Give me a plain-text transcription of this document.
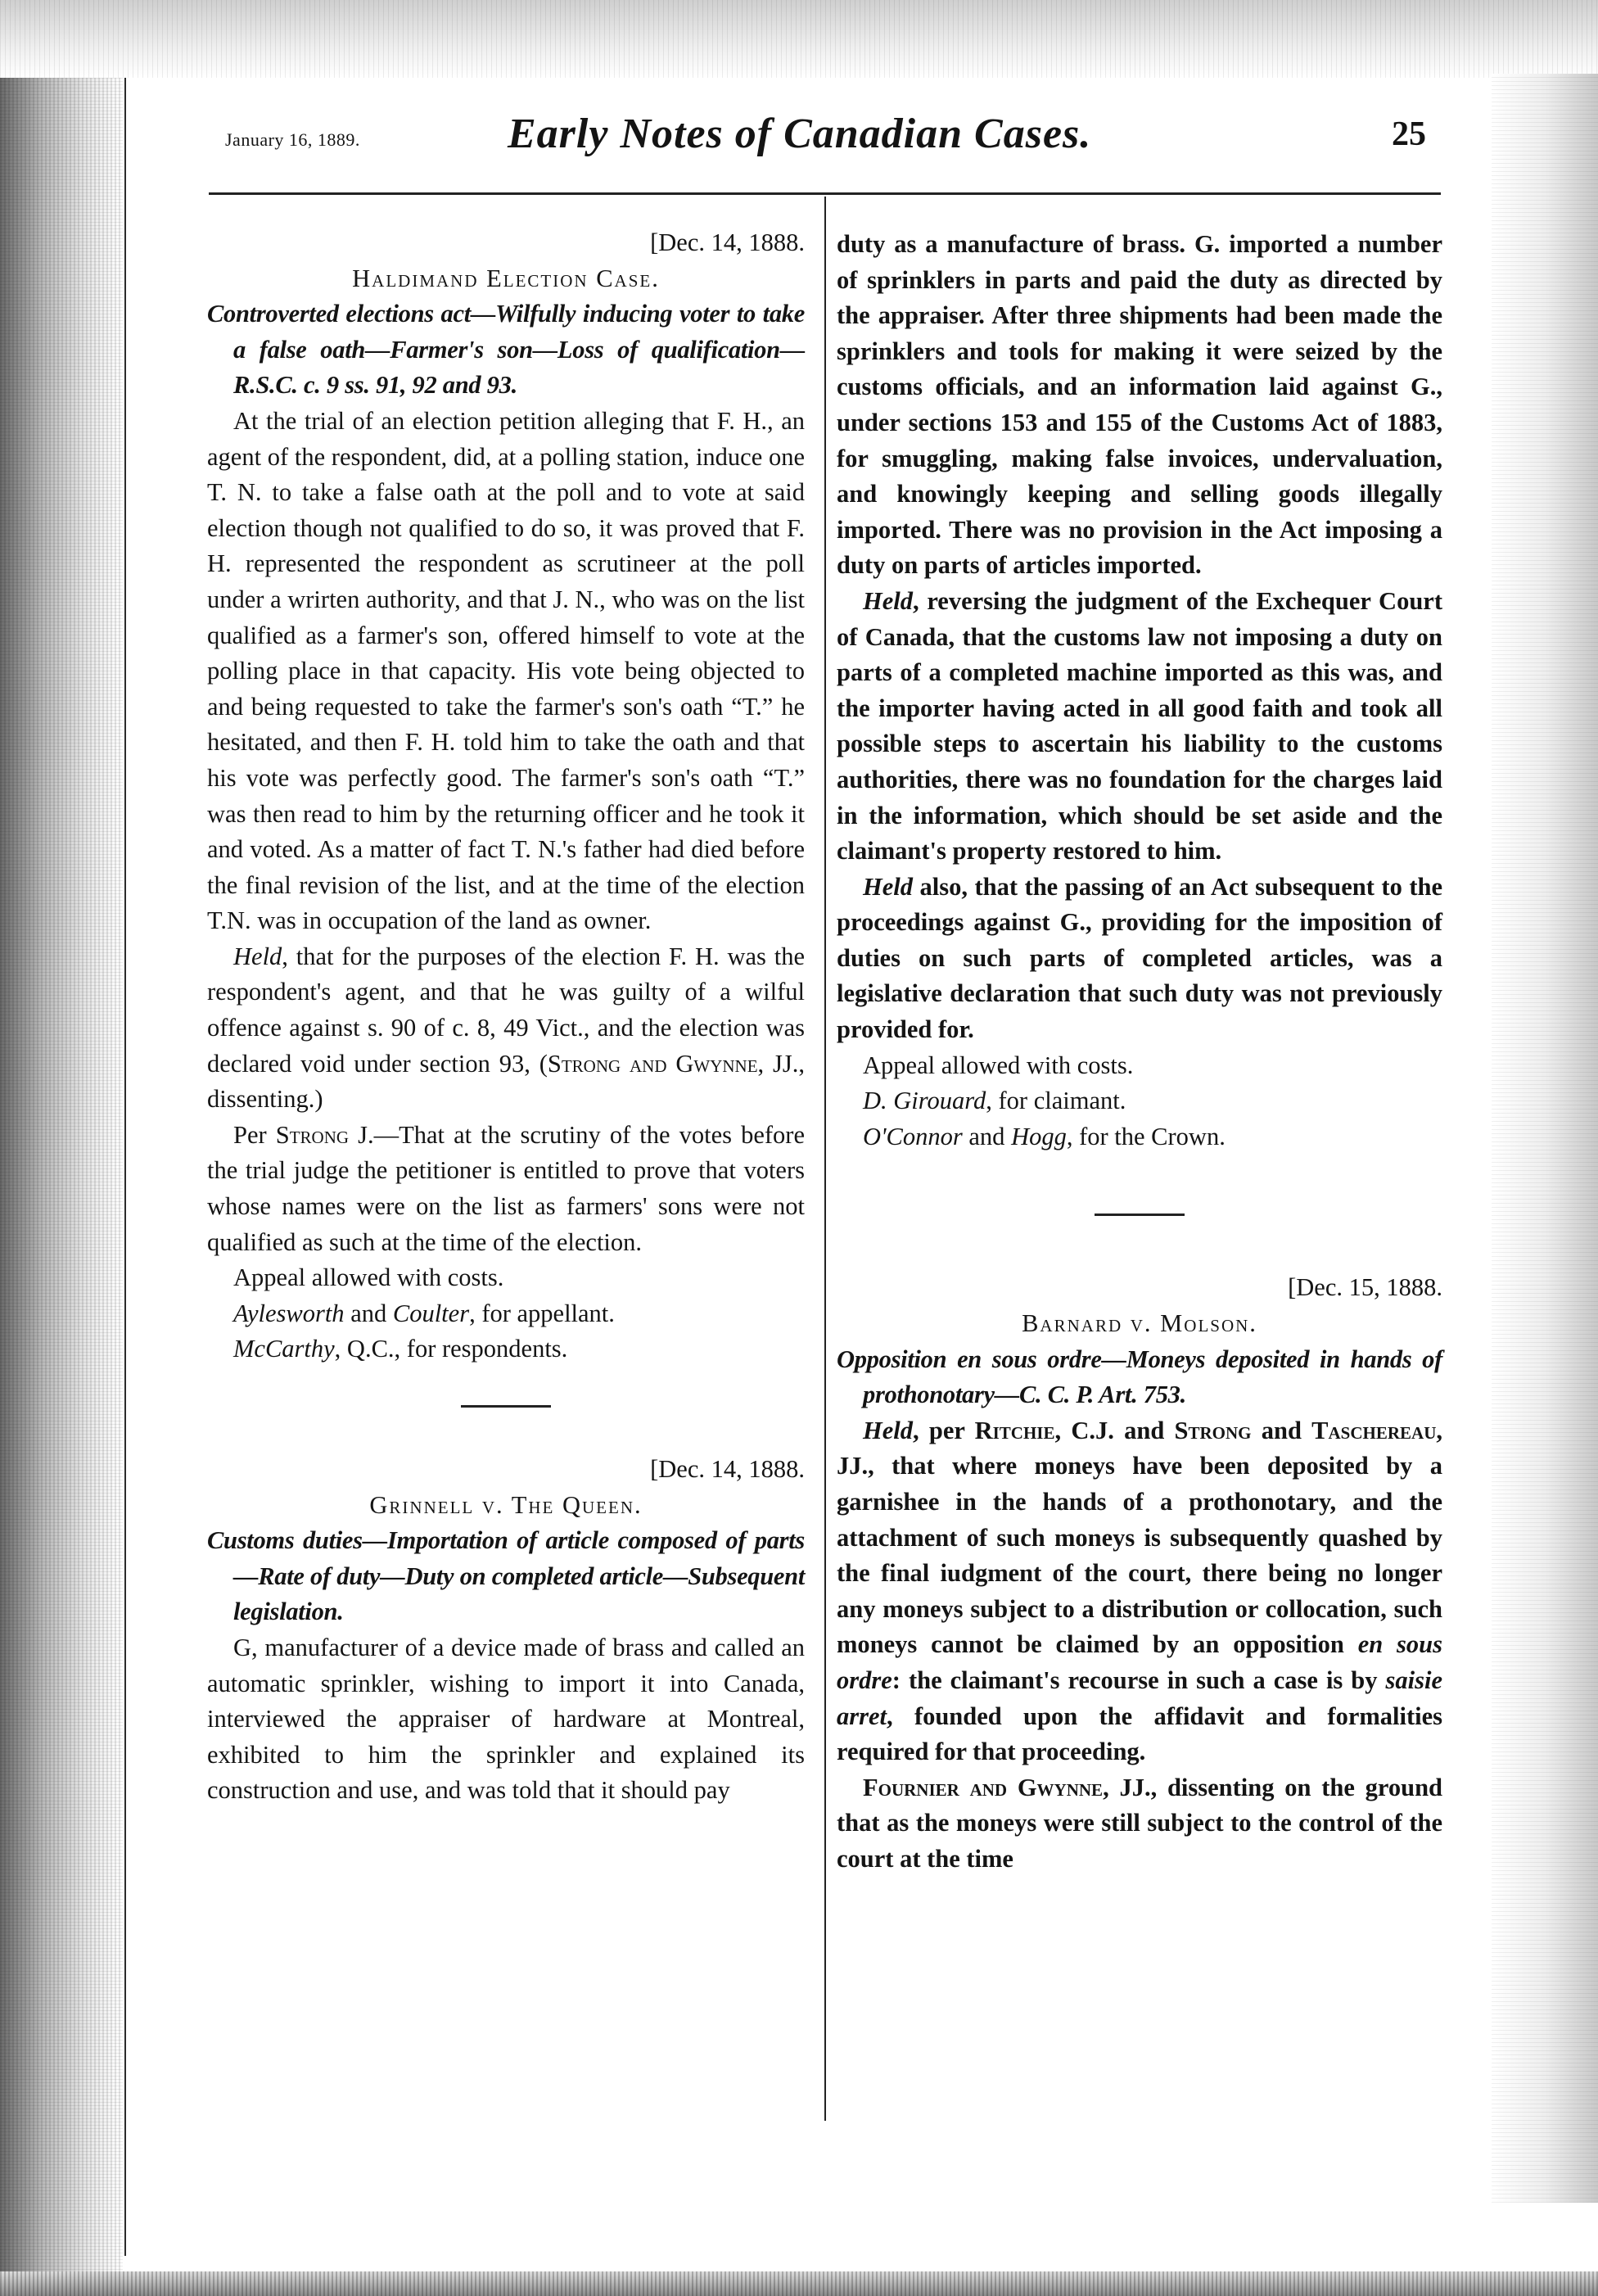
January 16, 1889.	Early Notes of Canadian Cases.	25

[Dec. 14, 1888.

Haldimand Election Case.

Controverted elections act—Wilfully inducing voter to take a false oath—Farmer's son—Loss of qualification—R.S.C. c. 9 ss. 91, 92 and 93.

At the trial of an election petition alleging that F. H., an agent of the respondent, did, at a polling station, induce one T. N. to take a false oath at the poll and to vote at said election though not qualified to do so, it was proved that F. H. represented the respondent as scrutineer at the poll under a wrirten authority, and that J. N., who was on the list qualified as a farmer's son, offered himself to vote at the polling place in that capacity. His vote being objected to and being requested to take the farmer's son's oath “T.” he hesitated, and then F. H. told him to take the oath and that his vote was perfectly good. The farmer's son's oath “T.” was then read to him by the returning officer and he took it and voted. As a matter of fact T. N.'s father had died before the final revision of the list, and at the time of the election T.N. was in occupation of the land as owner.

Held, that for the purposes of the election F. H. was the respondent's agent, and that he was guilty of a wilful offence against s. 90 of c. 8, 49 Vict., and the election was declared void under section 93, (Strong and Gwynne, JJ., dissenting.)

Per Strong J.—That at the scrutiny of the votes before the trial judge the petitioner is entitled to prove that voters whose names were on the list as farmers' sons were not qualified as such at the time of the election.

Appeal allowed with costs.

Aylesworth and Coulter, for appellant.

McCarthy, Q.C., for respondents.

[Dec. 14, 1888.

Grinnell v. The Queen.

Customs duties—Importation of article composed of parts—Rate of duty—Duty on completed article—Subsequent legislation.

G, manufacturer of a device made of brass and called an automatic sprinkler, wishing to import it into Canada, interviewed the appraiser of hardware at Montreal, exhibited to him the sprinkler and explained its construction and use, and was told that it should pay

duty as a manufacture of brass. G. imported a number of sprinklers in parts and paid the duty as directed by the appraiser. After three shipments had been made the sprinklers and tools for making it were seized by the customs officials, and an information laid against G., under sections 153 and 155 of the Customs Act of 1883, for smuggling, making false invoices, undervaluation, and knowingly keeping and selling goods illegally imported. There was no provision in the Act imposing a duty on parts of articles imported.

Held, reversing the judgment of the Exchequer Court of Canada, that the customs law not imposing a duty on parts of a completed machine imported as this was, and the importer having acted in all good faith and took all possible steps to ascertain his liability to the customs authorities, there was no foundation for the charges laid in the information, which should be set aside and the claimant's property restored to him.

Held also, that the passing of an Act subsequent to the proceedings against G., providing for the imposition of duties on such parts of completed articles, was a legislative declaration that such duty was not previously provided for.

Appeal allowed with costs.

D. Girouard, for claimant.

O'Connor and Hogg, for the Crown.

[Dec. 15, 1888.

Barnard v. Molson.

Opposition en sous ordre—Moneys deposited in hands of prothonotary—C. C. P. Art. 753.

Held, per Ritchie, C.J. and Strong and Taschereau, JJ., that where moneys have been deposited by a garnishee in the hands of a prothonotary, and the attachment of such moneys is subsequently quashed by the final iudgment of the court, there being no longer any moneys subject to a distribution or collocation, such moneys cannot be claimed by an opposition en sous ordre: the claimant's recourse in such a case is by saisie arret, founded upon the affidavit and formalities required for that proceeding.

Fournier and Gwynne, JJ., dissenting on the ground that as the moneys were still subject to the control of the court at the time
